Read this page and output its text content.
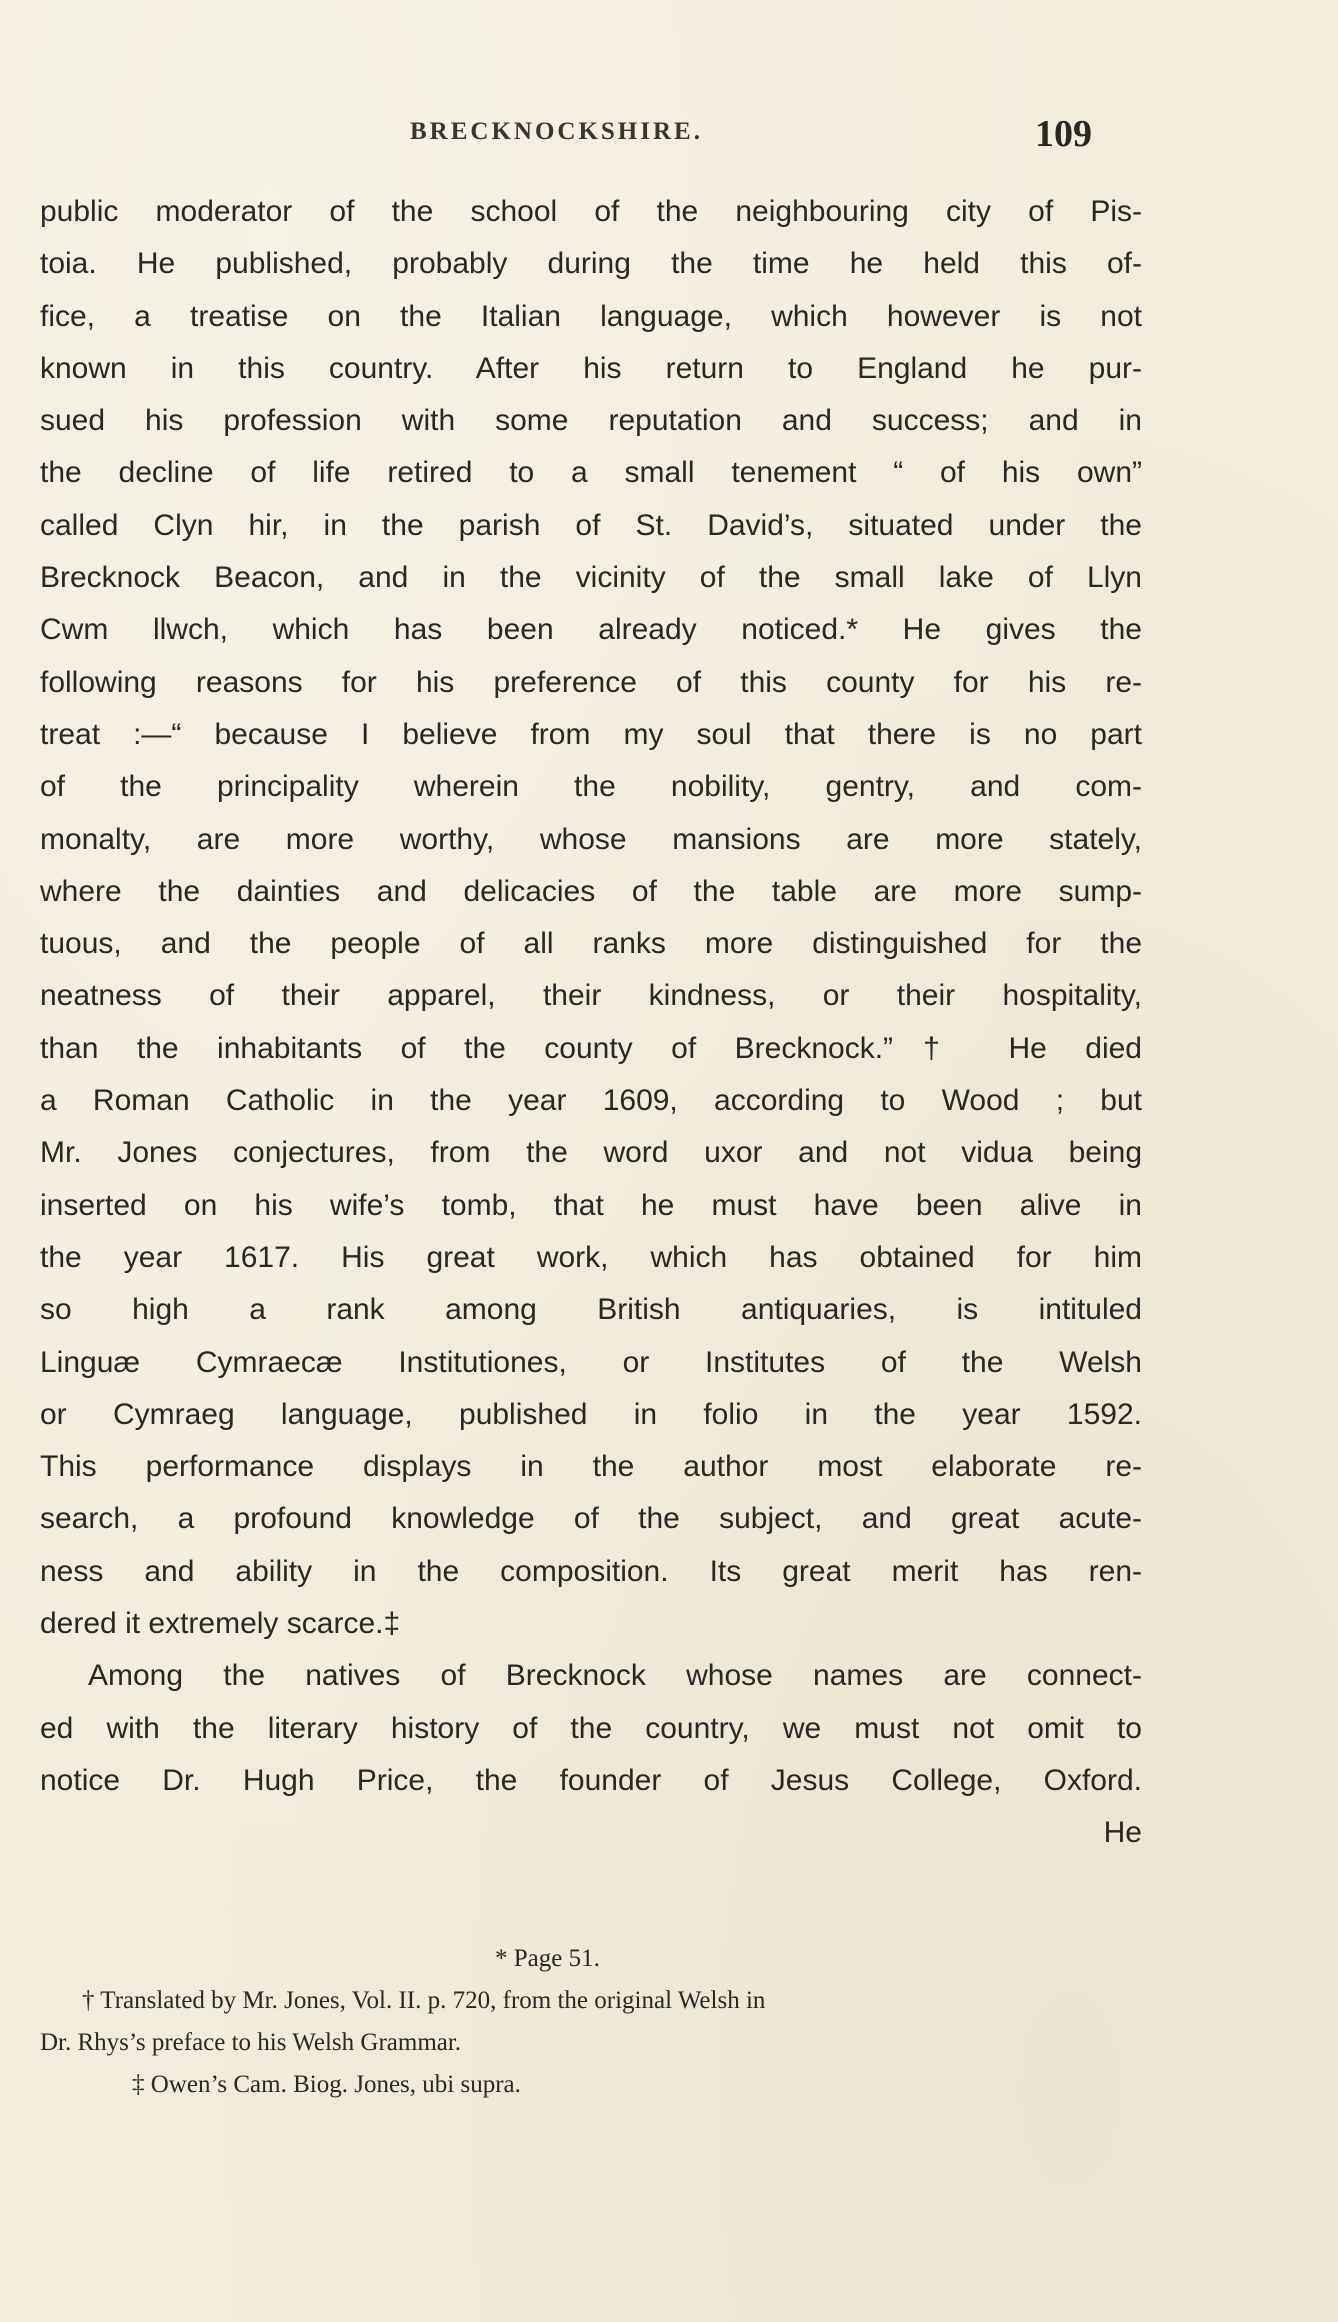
BRECKNOCKSHIRE.	109
public moderator of the school of the neighbouring city of Pis-
toia. He published, probably during the time he held this of-
fice, a treatise on the Italian language, which however is not
known in this country. After his return to England he pur-
sued his profession with some reputation and success; and in
the decline of life retired to a small tenement “ of his own”
called Clyn hir, in the parish of St. David’s, situated under the
Brecknock Beacon, and in the vicinity of the small lake of Llyn
Cwm llwch, which has been already noticed.* He gives the
following reasons for his preference of this county for his re-
treat :—“ because I believe from my soul that there is no part
of the principality wherein the nobility, gentry, and com-
monalty, are more worthy, whose mansions are more stately,
where the dainties and delicacies of the table are more sump-
tuous, and the people of all ranks more distinguished for the
neatness of their apparel, their kindness, or their hospitality,
than the inhabitants of the county of Brecknock.”† He died
a Roman Catholic in the year 1609, according to Wood ; but
Mr. Jones conjectures, from the word uxor and not vidua being
inserted on his wife’s tomb, that he must have been alive in
the year 1617. His great work, which has obtained for him
so high a rank among British antiquaries, is intituled
Linguæ Cymraecæ Institutiones, or Institutes of the Welsh
or Cymraeg language, published in folio in the year 1592.
This performance displays in the author most elaborate re-
search, a profound knowledge of the subject, and great acute-
ness and ability in the composition. Its great merit has ren-
dered it extremely scarce.‡
Among the natives of Brecknock whose names are connect-
ed with the literary history of the country, we must not omit to
notice Dr. Hugh Price, the founder of Jesus College, Oxford.
He
* Page 51.
† Translated by Mr. Jones, Vol. II. p. 720, from the original Welsh in
Dr. Rhys’s preface to his Welsh Grammar.
‡ Owen’s Cam. Biog. Jones, ubi supra.
